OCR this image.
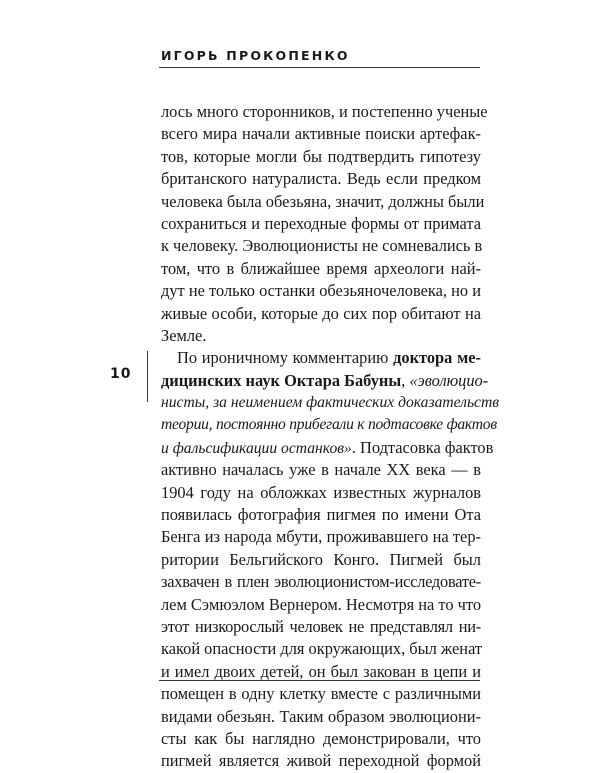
ИГОРЬ ПРОКОПЕНКО
10
лось много сторонников, и постепенно ученые
всего мира начали активные поиски артефак-
тов, которые могли бы подтвердить гипотезу
британского натуралиста. Ведь если предком
человека была обезьяна, значит, должны были
сохраниться и переходные формы от примата
к человеку. Эволюционисты не сомневались в
том, что в ближайшее время археологи най-
дут не только останки обезьяночеловека, но и
живые особи, которые до сих пор обитают на
Земле.
По ироничному комментарию доктора ме-
дицинских наук Октара Бабуны, «эволюцио-
нисты, за неимением фактических доказательств
теории, постоянно прибегали к подтасовке фактов
и фальсификации останков». Подтасовка фактов
активно началась уже в начале XX века — в
1904 году на обложках известных журналов
появилась фотография пигмея по имени Ота
Бенга из народа мбути, проживавшего на тер-
ритории Бельгийского Конго. Пигмей был
захвачен в плен эволюционистом-исследовате-
лем Сэмюэлом Вернером. Несмотря на то что
этот низкорослый человек не представлял ни-
какой опасности для окружающих, был женат
и имел двоих детей, он был закован в цепи и
помещен в одну клетку вместе с различными
видами обезьян. Таким образом эволюциони-
сты как бы наглядно демонстрировали, что
пигмей является живой переходной формой
